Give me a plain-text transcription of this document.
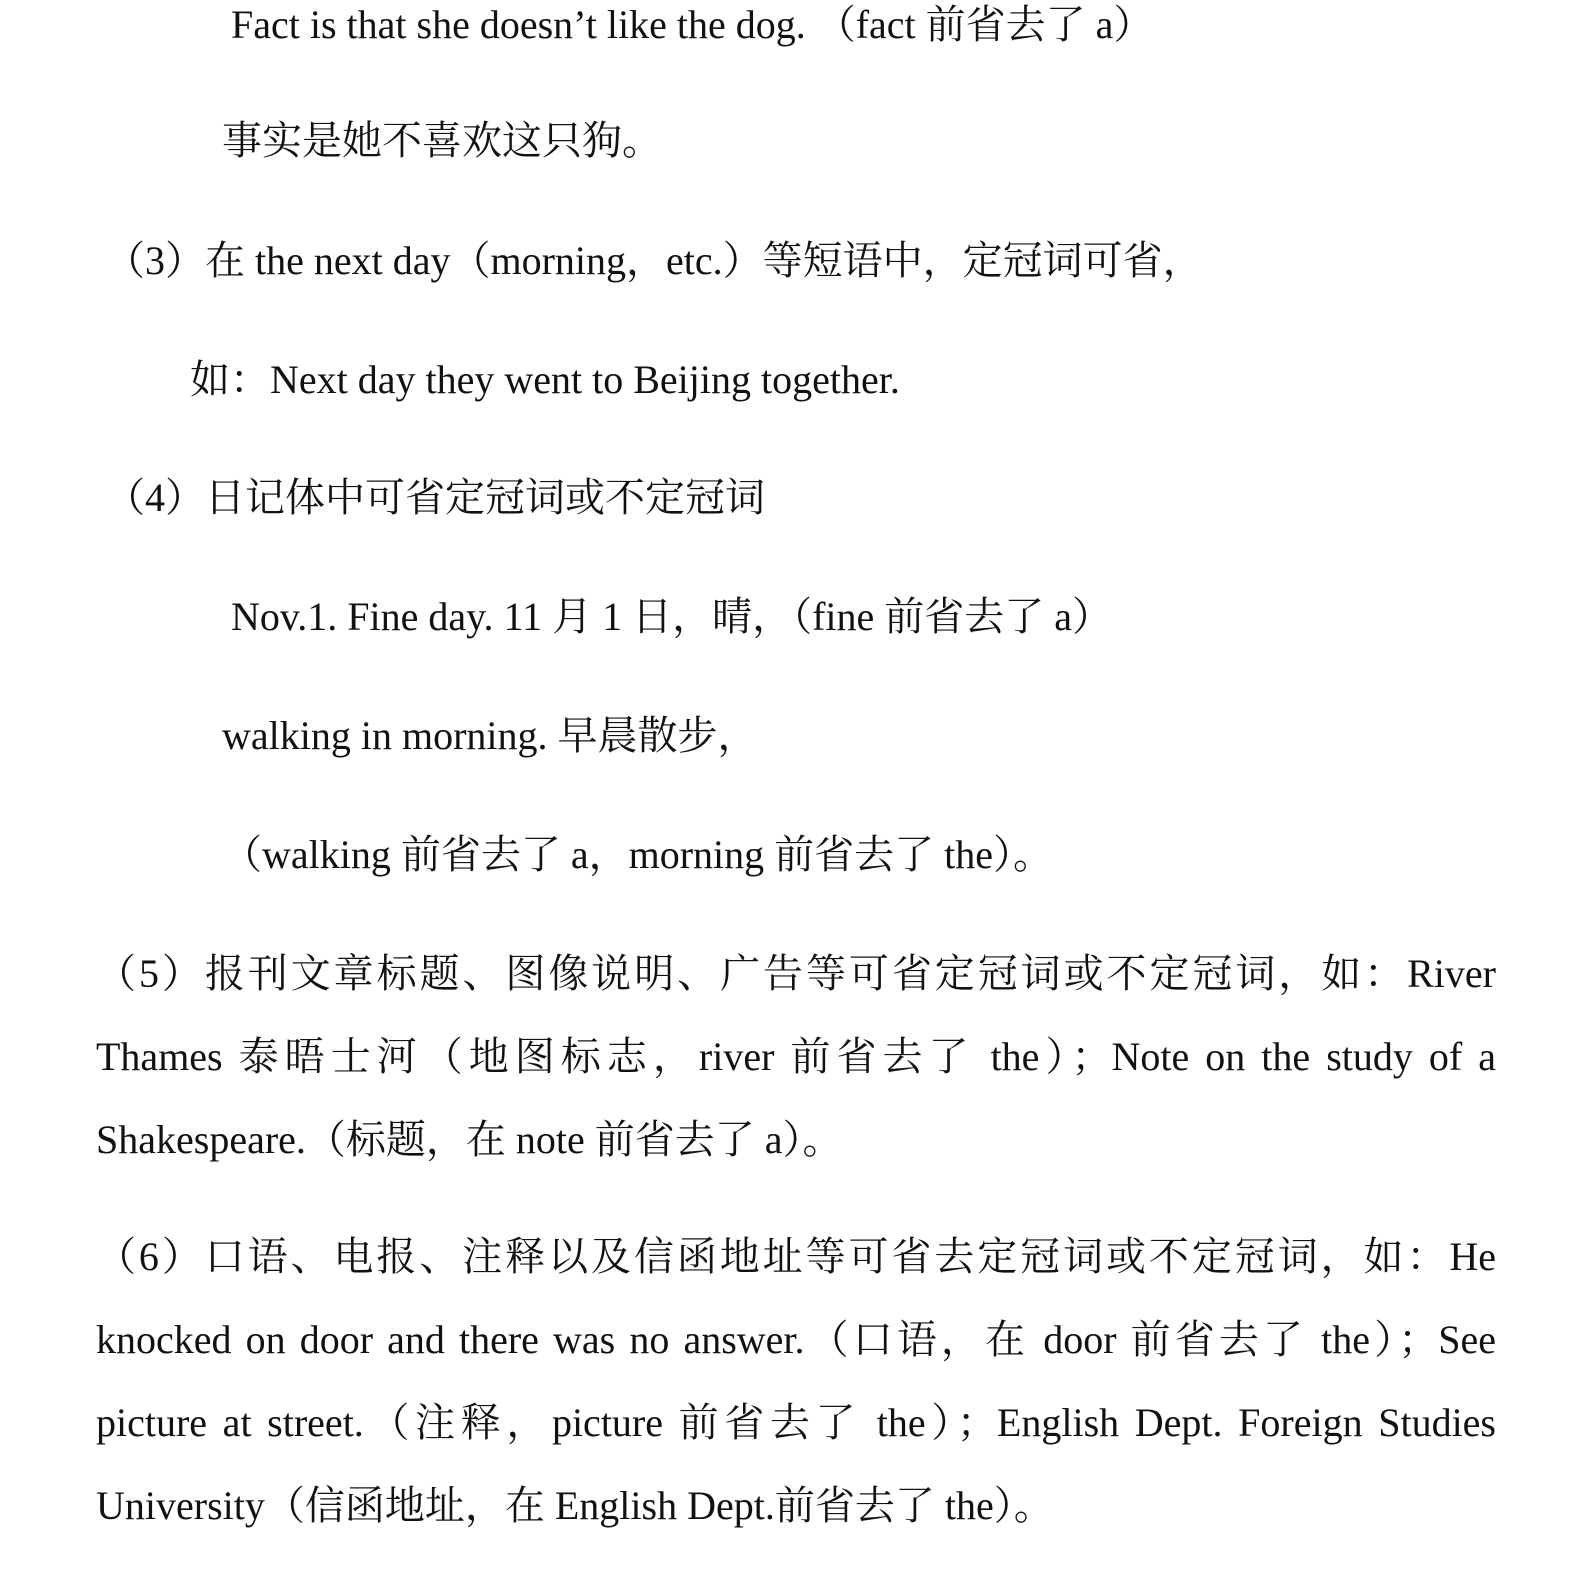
Fact is that she doesn’t like the dog. （fact 前省去了 a）

事实是她不喜欢这只狗。

（3）在 the next day（morning，etc.）等短语中，定冠词可省，

如：Next day they went to Beijing together.

（4）日记体中可省定冠词或不定冠词

Nov.1. Fine day. 11 月 1 日，晴，（fine 前省去了 a）

walking in morning. 早晨散步，

（walking 前省去了 a，morning 前省去了 the）。

（5）报刊文章标题、图像说明、广告等可省定冠词或不定冠词，如：River Thames 泰晤士河（地图标志，river 前省去了 the）；Note on the study of a Shakespeare.（标题，在 note 前省去了 a）。

（6）口语、电报、注释以及信函地址等可省去定冠词或不定冠词，如：He knocked on door and there was no answer.（口语，在 door 前省去了 the）；See picture at street.（注释，picture 前省去了 the）；English Dept. Foreign Studies University（信函地址，在 English Dept.前省去了 the）。
